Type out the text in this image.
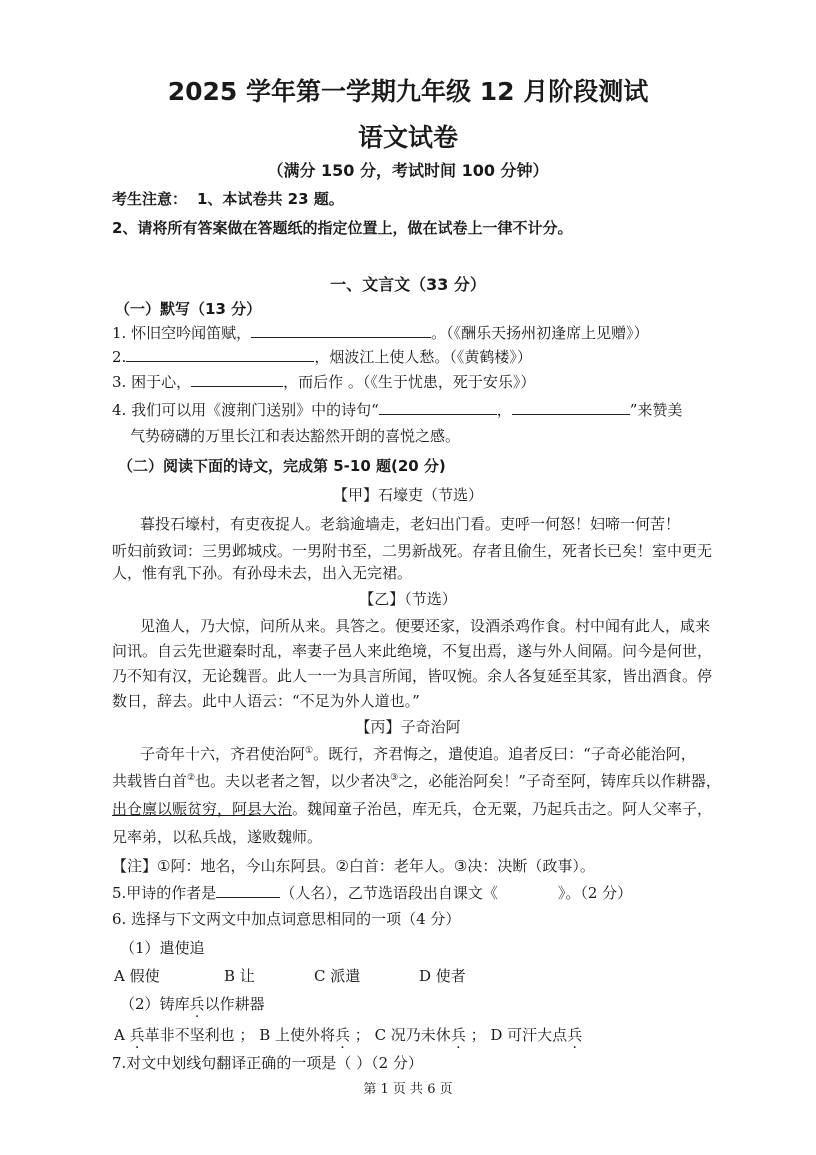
2025 学年第一学期九年级 12 月阶段测试
语文试卷
（满分 150 分，考试时间 100 分钟）
考生注意： 1、本试卷共 23 题。
2、请将所有答案做在答题纸的指定位置上，做在试卷上一律不计分。
一、文言文（33 分）
（一）默写（13 分）
1. 怀旧空吟闻笛赋，	。（《酬乐天扬州初逢席上见赠》）
2.	，烟波江上使人愁。（《黄鹤楼》）
3. 困于心，	，而后作 。（《生于忧患，死于安乐》）
4. 我们可以用《渡荆门送别》中的诗句“	，	”来赞美
气势磅礴的万里长江和表达豁然开朗的喜悦之感。
（二）阅读下面的诗文，完成第 5-10 题(20 分)
【甲】石壕吏（节选）
暮投石壕村，有吏夜捉人。老翁逾墙走，老妇出门看。吏呼一何怒！妇啼一何苦！
听妇前致词：三男邺城戍。一男附书至，二男新战死。存者且偷生，死者长已矣！室中更无
人，惟有乳下孙。有孙母未去，出入无完裙。
【乙】（节选）
见渔人，乃大惊，问所从来。具答之。便要还家，设酒杀鸡作食。村中闻有此人，咸来
问讯。自云先世避秦时乱，率妻子邑人来此绝境，不复出焉，遂与外人间隔。问今是何世，
乃不知有汉，无论魏晋。此人一一为具言所闻，皆叹惋。余人各复延至其家，皆出酒食。停
数日，辞去。此中人语云：“不足为外人道也。”
【丙】子奇治阿
子奇年十六，齐君使治阿①。既行，齐君悔之，遣使追。追者反曰：“子奇必能治阿，
共载皆白首②也。夫以老者之智，以少者决③之，必能治阿矣！”子奇至阿，铸库兵以作耕器，
出仓廪以赈贫穷，阿县大治。魏闻童子治邑，库无兵，仓无粟，乃起兵击之。阿人父率子，
兄率弟，以私兵战，遂败魏师。
【注】①阿：地名，今山东阿县。②白首：老年人。③决：决断（政事）。
5.甲诗的作者是	（人名），乙节选语段出自课文《	》。（2 分）
6. 选择与下文两文中加点词意思相同的一项（4 分）
（1）遣使追
A 假使	B 让	C 派遣	D 使者
（2）铸库兵以作耕器
A 兵革非不坚利也 ； B 上使外将兵 ； C 况乃未休兵 ； D 可汗大点兵
7.对文中划线句翻译正确的一项是（ ）（2 分）
第 1 页 共 6 页
